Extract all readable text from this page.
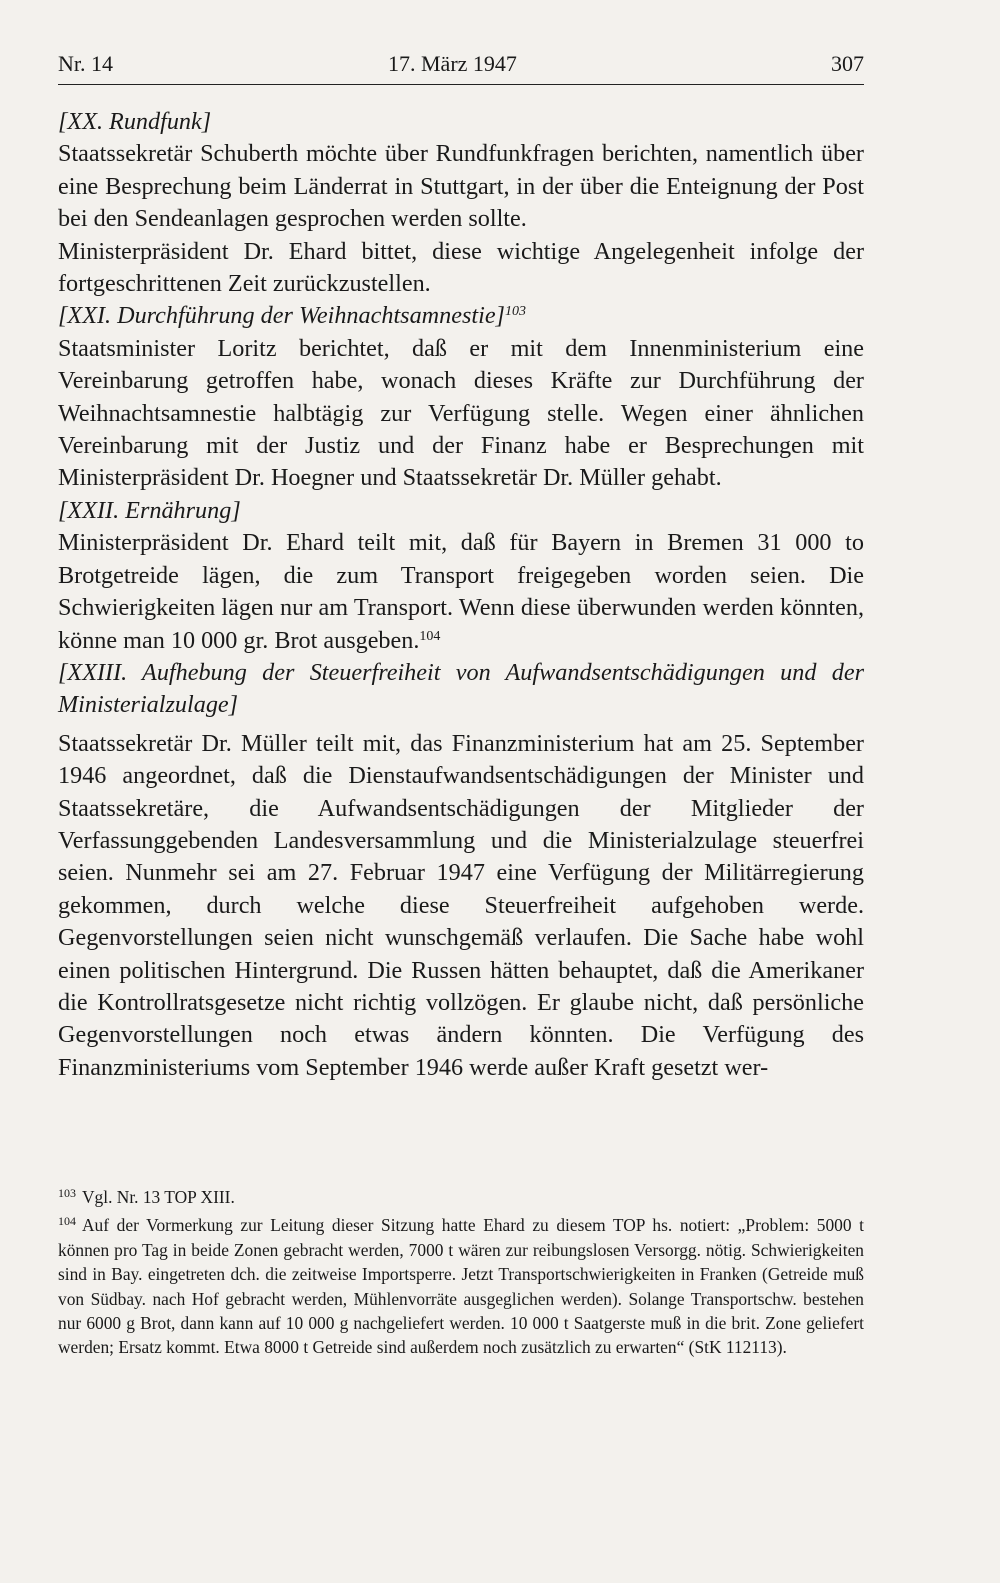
Nr. 14	17. März 1947	307

[XX. Rundfunk]

Staatssekretär Schuberth möchte über Rundfunkfragen berichten, namentlich über eine Besprechung beim Länderrat in Stuttgart, in der über die Enteignung der Post bei den Sendeanlagen gesprochen werden sollte.

Ministerpräsident Dr. Ehard bittet, diese wichtige Angelegenheit infolge der fortgeschrittenen Zeit zurückzustellen.

[XXI. Durchführung der Weihnachtsamnestie]$^{103}$

Staatsminister Loritz berichtet, daß er mit dem Innenministerium eine Vereinbarung getroffen habe, wonach dieses Kräfte zur Durchführung der Weihnachtsamnestie halbtägig zur Verfügung stelle. Wegen einer ähnlichen Vereinbarung mit der Justiz und der Finanz habe er Besprechungen mit Ministerpräsident Dr. Hoegner und Staatssekretär Dr. Müller gehabt.

[XXII. Ernährung]

Ministerpräsident Dr. Ehard teilt mit, daß für Bayern in Bremen 31 000 to Brotgetreide lägen, die zum Transport freigegeben worden seien. Die Schwierigkeiten lägen nur am Transport. Wenn diese überwunden werden könnten, könne man 10 000 gr. Brot ausgeben.$^{104}$

[XXIII. Aufhebung der Steuerfreiheit von Aufwandsentschädigungen und der Ministerialzulage]

Staatssekretär Dr. Müller teilt mit, das Finanzministerium hat am 25. September 1946 angeordnet, daß die Dienstaufwandsentschädigungen der Minister und Staatssekretäre, die Aufwandsentschädigungen der Mitglieder der Verfassunggebenden Landesversammlung und die Ministerialzulage steuerfrei seien. Nunmehr sei am 27. Februar 1947 eine Verfügung der Militärregierung gekommen, durch welche diese Steuerfreiheit aufgehoben werde. Gegenvorstellungen seien nicht wunschgemäß verlaufen. Die Sache habe wohl einen politischen Hintergrund. Die Russen hätten behauptet, daß die Amerikaner die Kontrollratsgesetze nicht richtig vollzögen. Er glaube nicht, daß persönliche Gegenvorstellungen noch etwas ändern könnten. Die Verfügung des Finanzministeriums vom September 1946 werde außer Kraft gesetzt wer-

$^{103}$ Vgl. Nr. 13 TOP XIII.

$^{104}$ Auf der Vormerkung zur Leitung dieser Sitzung hatte Ehard zu diesem TOP hs. notiert: „Problem: 5000 t können pro Tag in beide Zonen gebracht werden, 7000 t wären zur reibungslosen Versorgg. nötig. Schwierigkeiten sind in Bay. eingetreten dch. die zeitweise Importsperre. Jetzt Transportschwierigkeiten in Franken (Getreide muß von Südbay. nach Hof gebracht werden, Mühlenvorräte ausgeglichen werden). Solange Transportschw. bestehen nur 6000 g Brot, dann kann auf 10 000 g nachgeliefert werden. 10 000 t Saatgerste muß in die brit. Zone geliefert werden; Ersatz kommt. Etwa 8000 t Getreide sind außerdem noch zusätzlich zu erwarten“ (StK 112113).
